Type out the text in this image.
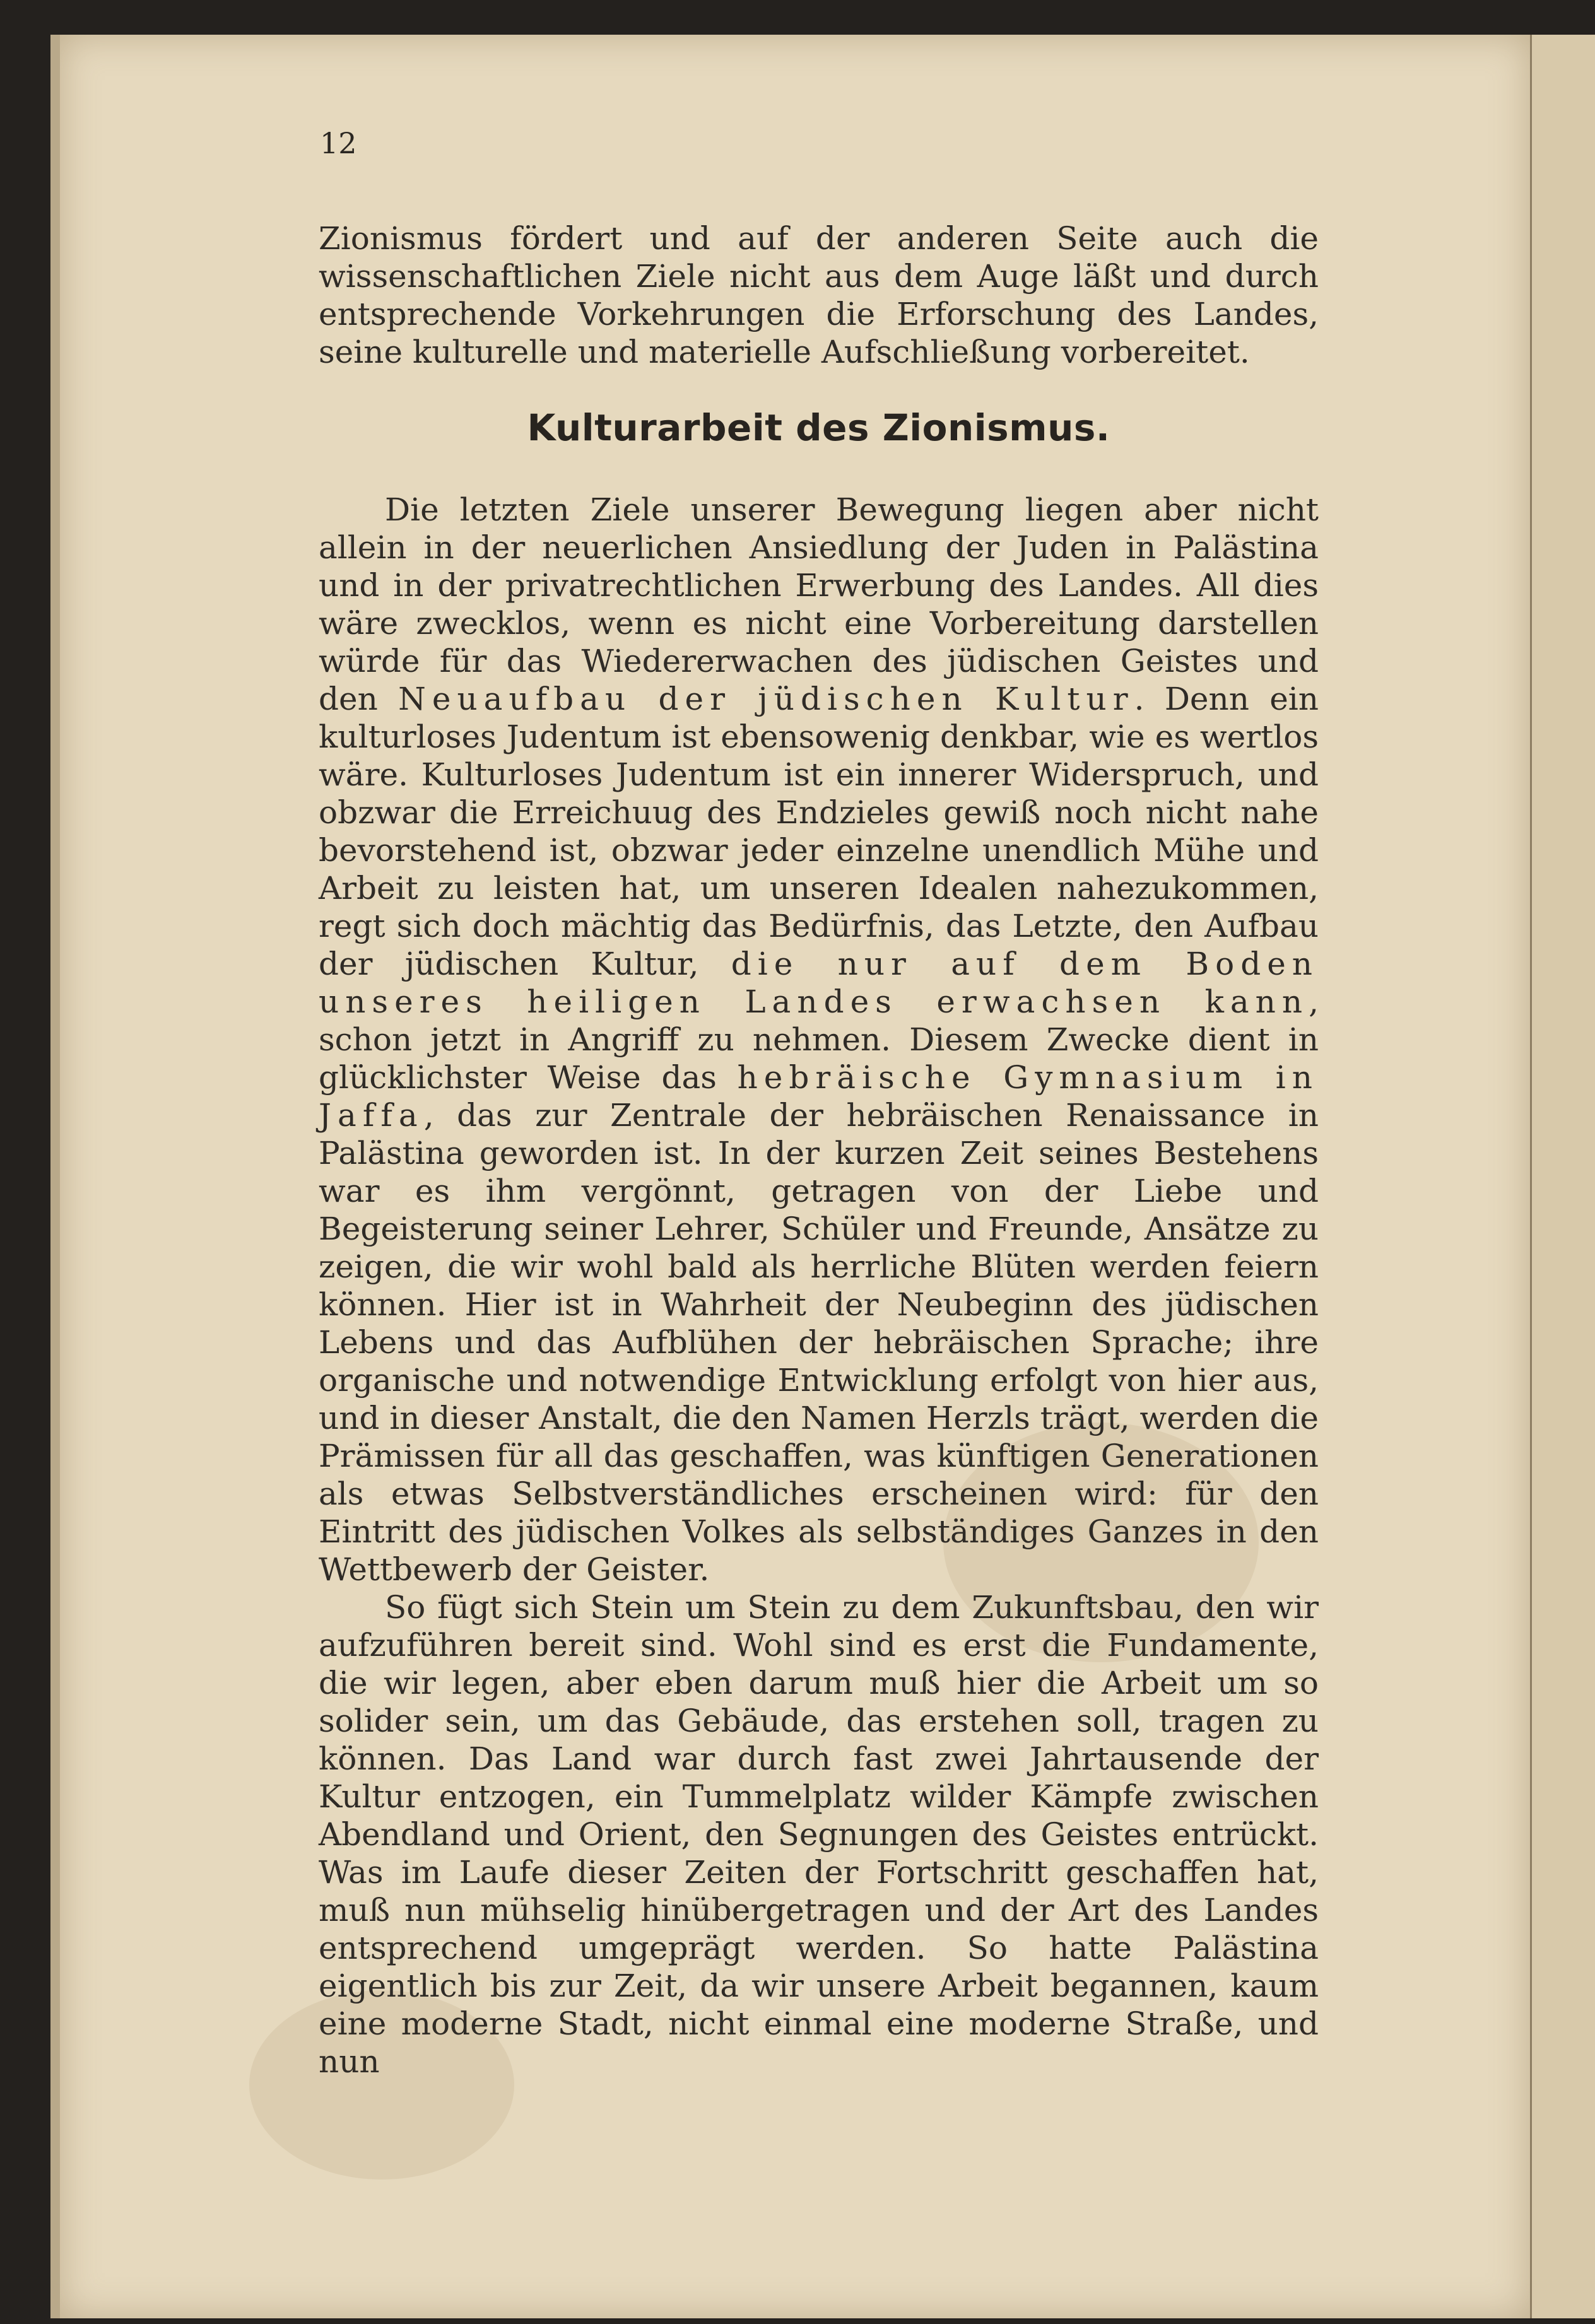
12

Zionismus fördert und auf der anderen Seite auch die wissenschaftlichen Ziele nicht aus dem Auge läßt und durch entsprechende Vorkehrungen die Erforschung des Landes, seine kulturelle und materielle Aufschließung vorbereitet.

Kulturarbeit des Zionismus.

Die letzten Ziele unserer Bewegung liegen aber nicht allein in der neuerlichen Ansiedlung der Juden in Palästina und in der privatrechtlichen Erwerbung des Landes. All dies wäre zwecklos, wenn es nicht eine Vorbereitung darstellen würde für das Wiedererwachen des jüdischen Geistes und den Neuaufbau der jüdischen Kultur. Denn ein kulturloses Judentum ist ebensowenig denkbar, wie es wertlos wäre. Kulturloses Judentum ist ein innerer Widerspruch, und obzwar die Erreichuug des Endzieles gewiß noch nicht nahe bevorstehend ist, obzwar jeder einzelne unendlich Mühe und Arbeit zu leisten hat, um unseren Idealen nahezukommen, regt sich doch mächtig das Bedürfnis, das Letzte, den Aufbau der jüdischen Kultur, die nur auf dem Boden unseres heiligen Landes erwachsen kann, schon jetzt in Angriff zu nehmen. Diesem Zwecke dient in glücklichster Weise das hebräische Gymnasium in Jaffa, das zur Zentrale der hebräischen Renaissance in Palästina geworden ist. In der kurzen Zeit seines Bestehens war es ihm vergönnt, getragen von der Liebe und Begeisterung seiner Lehrer, Schüler und Freunde, Ansätze zu zeigen, die wir wohl bald als herrliche Blüten werden feiern können. Hier ist in Wahrheit der Neubeginn des jüdischen Lebens und das Aufblühen der hebräischen Sprache; ihre organische und notwendige Entwicklung erfolgt von hier aus, und in dieser Anstalt, die den Namen Herzls trägt, werden die Prämissen für all das geschaffen, was künftigen Generationen als etwas Selbstverständliches erscheinen wird: für den Eintritt des jüdischen Volkes als selbständiges Ganzes in den Wettbewerb der Geister.

So fügt sich Stein um Stein zu dem Zukunftsbau, den wir aufzuführen bereit sind. Wohl sind es erst die Fundamente, die wir legen, aber eben darum muß hier die Arbeit um so solider sein, um das Gebäude, das erstehen soll, tragen zu können. Das Land war durch fast zwei Jahrtausende der Kultur entzogen, ein Tummelplatz wilder Kämpfe zwischen Abendland und Orient, den Segnungen des Geistes entrückt. Was im Laufe dieser Zeiten der Fortschritt geschaffen hat, muß nun mühselig hinübergetragen und der Art des Landes entsprechend umgeprägt werden. So hatte Palästina eigentlich bis zur Zeit, da wir unsere Arbeit begannen, kaum eine moderne Stadt, nicht einmal eine moderne Straße, und nun
